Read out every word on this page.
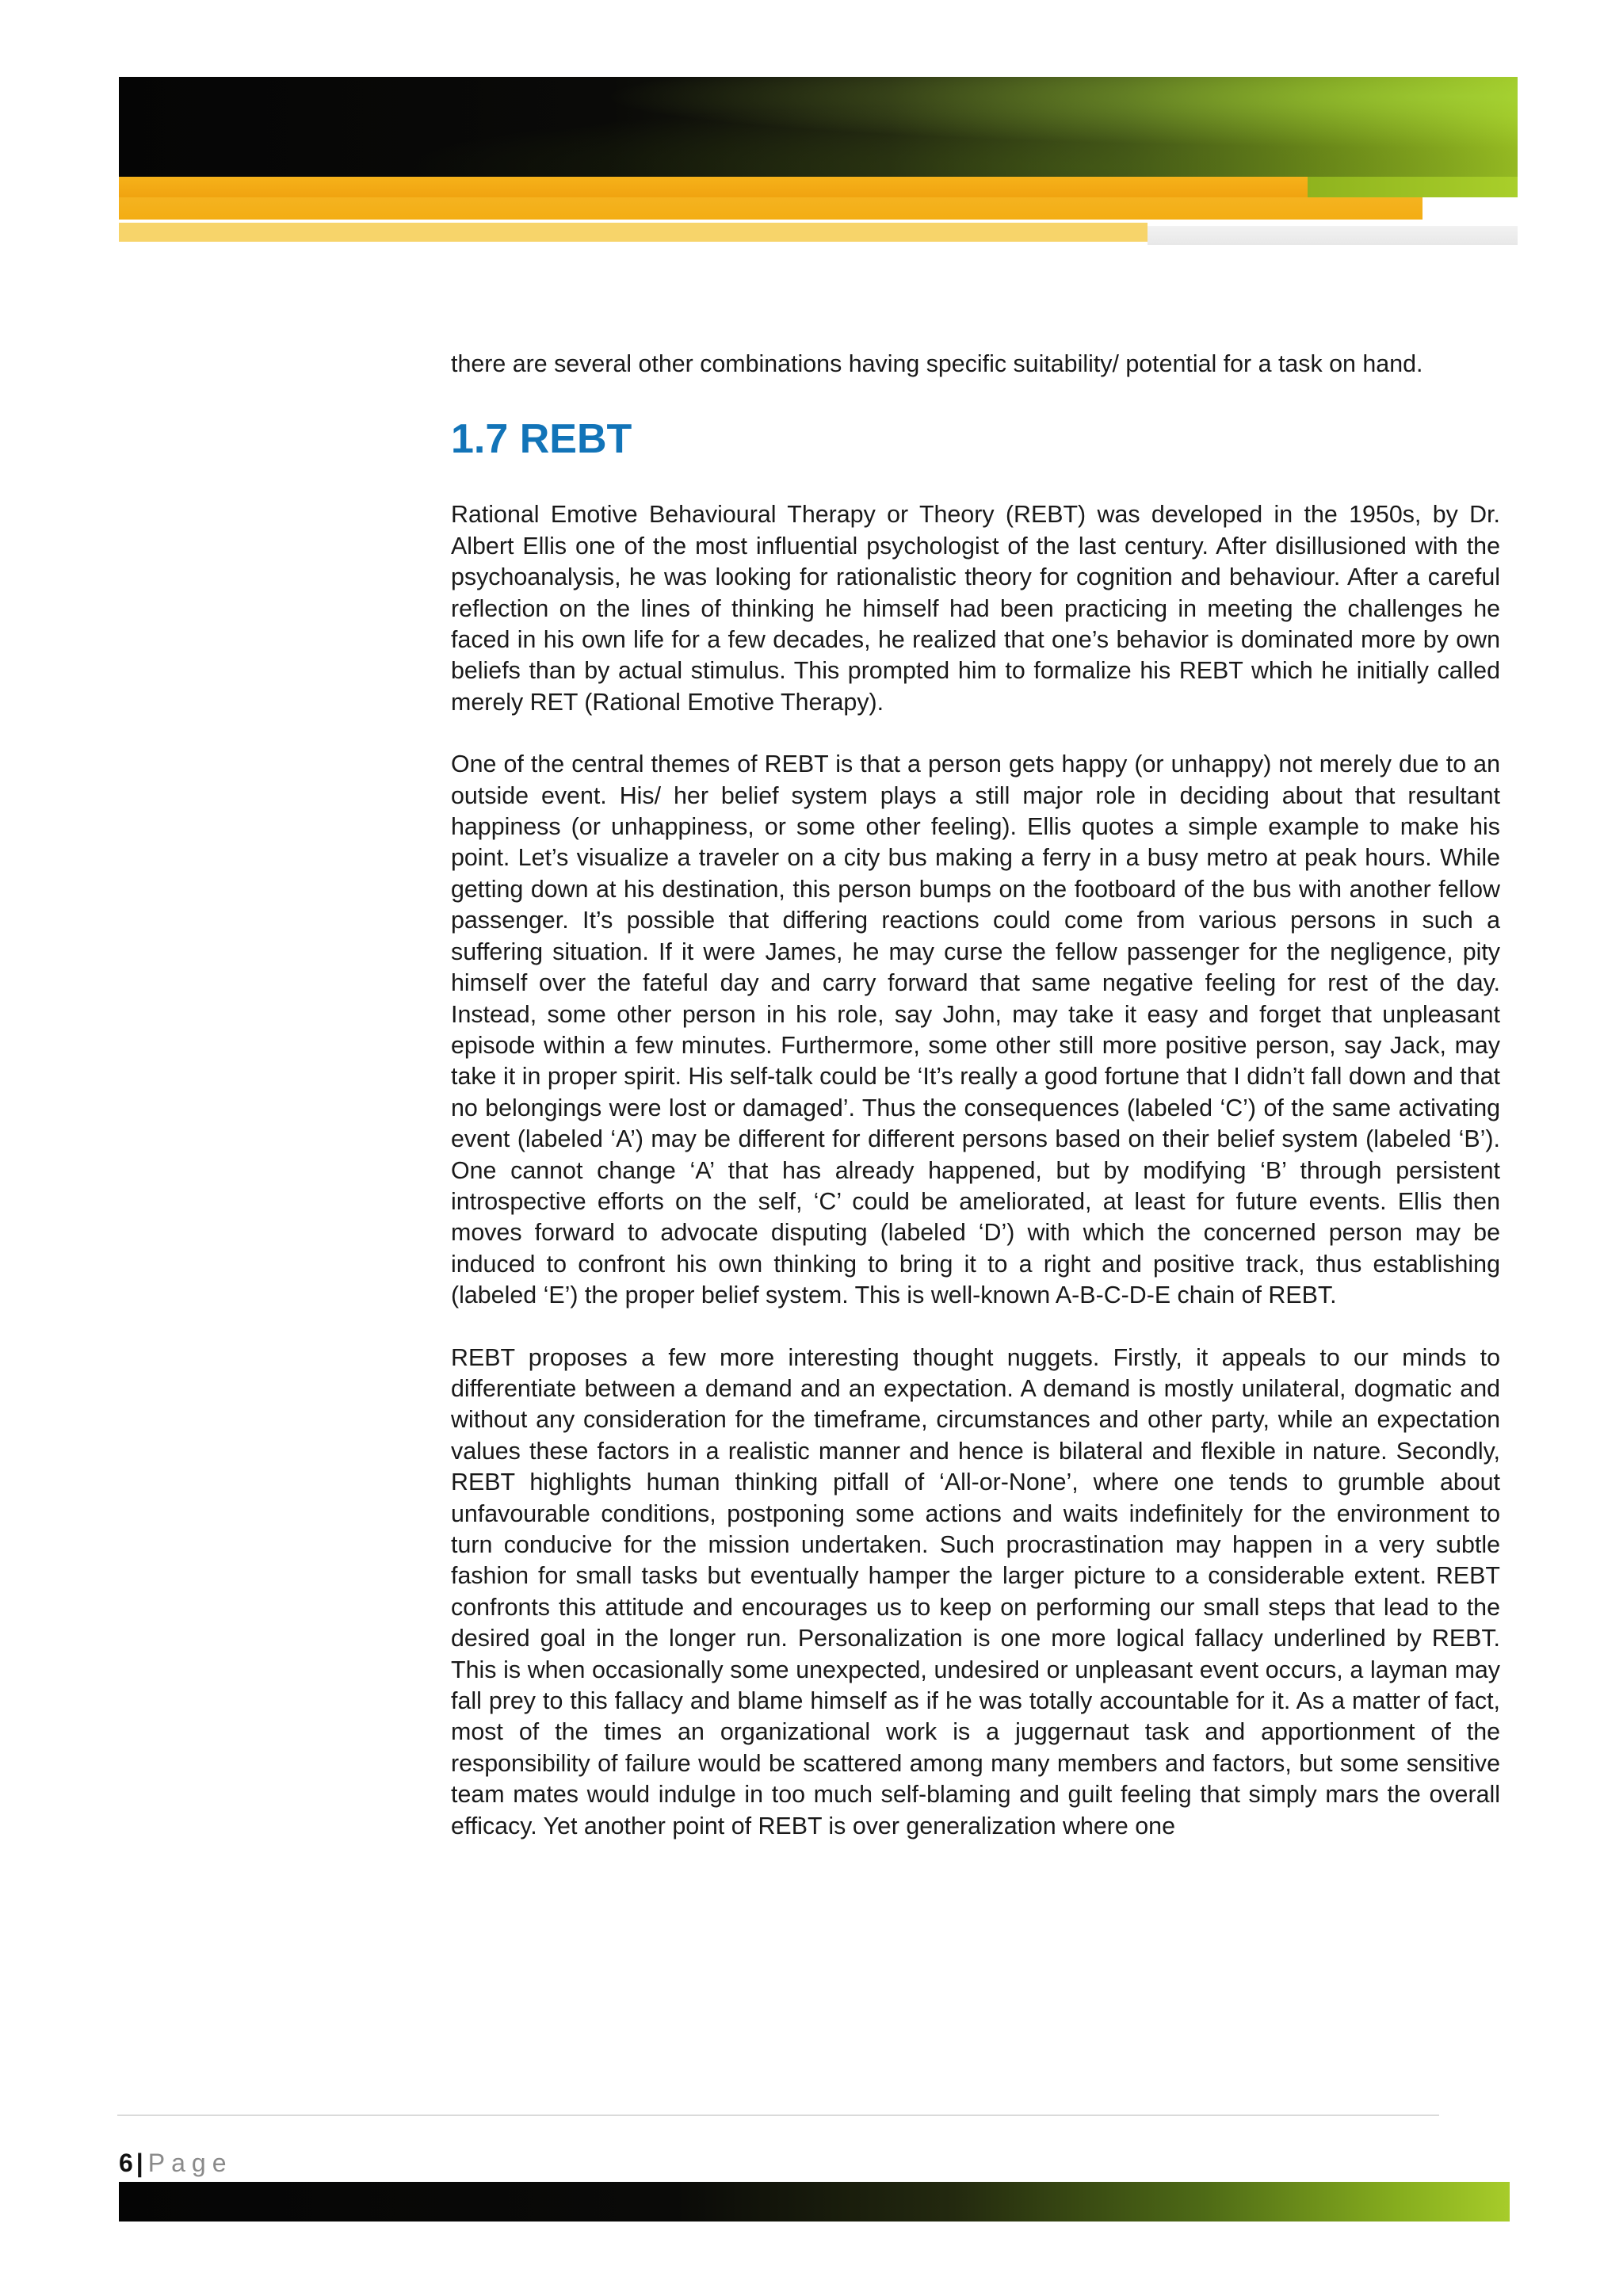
there are several other combinations having specific suitability/ potential for a task on hand.

1.7 REBT

Rational Emotive Behavioural Therapy or Theory (REBT) was developed in the 1950s, by Dr. Albert Ellis one of the most influential psychologist of the last century. After disillusioned with the psychoanalysis, he was looking for rationalistic theory for cognition and behaviour. After a careful reflection on the lines of thinking he himself had been practicing in meeting the challenges he faced in his own life for a few decades, he realized that one’s behavior is dominated more by own beliefs than by actual stimulus. This prompted him to formalize his REBT which he initially called merely RET (Rational Emotive Therapy).

One of the central themes of REBT is that a person gets happy (or unhappy) not merely due to an outside event. His/ her belief system plays a still major role in deciding about that resultant happiness (or unhappiness, or some other feeling). Ellis quotes a simple example to make his point. Let’s visualize a traveler on a city bus making a ferry in a busy metro at peak hours. While getting down at his destination, this person bumps on the footboard of the bus with another fellow passenger. It’s possible that differing reactions could come from various persons in such a suffering situation. If it were James, he may curse the fellow passenger for the negligence, pity himself over the fateful day and carry forward that same negative feeling for rest of the day. Instead, some other person in his role, say John, may take it easy and forget that unpleasant episode within a few minutes. Furthermore, some other still more positive person, say Jack, may take it in proper spirit. His self-talk could be ‘It’s really a good fortune that I didn’t fall down and that no belongings were lost or damaged’. Thus the consequences (labeled ‘C’) of the same activating event (labeled ‘A’) may be different for different persons based on their belief system (labeled ‘B’). One cannot change ‘A’ that has already happened, but by modifying ‘B’ through persistent introspective efforts on the self, ‘C’ could be ameliorated, at least for future events. Ellis then moves forward to advocate disputing (labeled ‘D’) with which the concerned person may be induced to confront his own thinking to bring it to a right and positive track, thus establishing (labeled ‘E’) the proper belief system. This is well-known A-B-C-D-E chain of REBT.

REBT proposes a few more interesting thought nuggets. Firstly, it appeals to our minds to differentiate between a demand and an expectation. A demand is mostly unilateral, dogmatic and without any consideration for the timeframe, circumstances and other party, while an expectation values these factors in a realistic manner and hence is bilateral and flexible in nature. Secondly, REBT highlights human thinking pitfall of ‘All-or-None’, where one tends to grumble about unfavourable conditions, postponing some actions and waits indefinitely for the environment to turn conducive for the mission undertaken. Such procrastination may happen in a very subtle fashion for small tasks but eventually hamper the larger picture to a considerable extent. REBT confronts this attitude and encourages us to keep on performing our small steps that lead to the desired goal in the longer run. Personalization is one more logical fallacy underlined by REBT. This is when occasionally some unexpected, undesired or unpleasant event occurs, a layman may fall prey to this fallacy and blame himself as if he was totally accountable for it. As a matter of fact, most of the times an organizational work is a juggernaut task and apportionment of the responsibility of failure would be scattered among many members and factors, but some sensitive team mates would indulge in too much self-blaming and guilt feeling that simply mars the overall efficacy. Yet another point of REBT is over generalization where one

6 | Page
